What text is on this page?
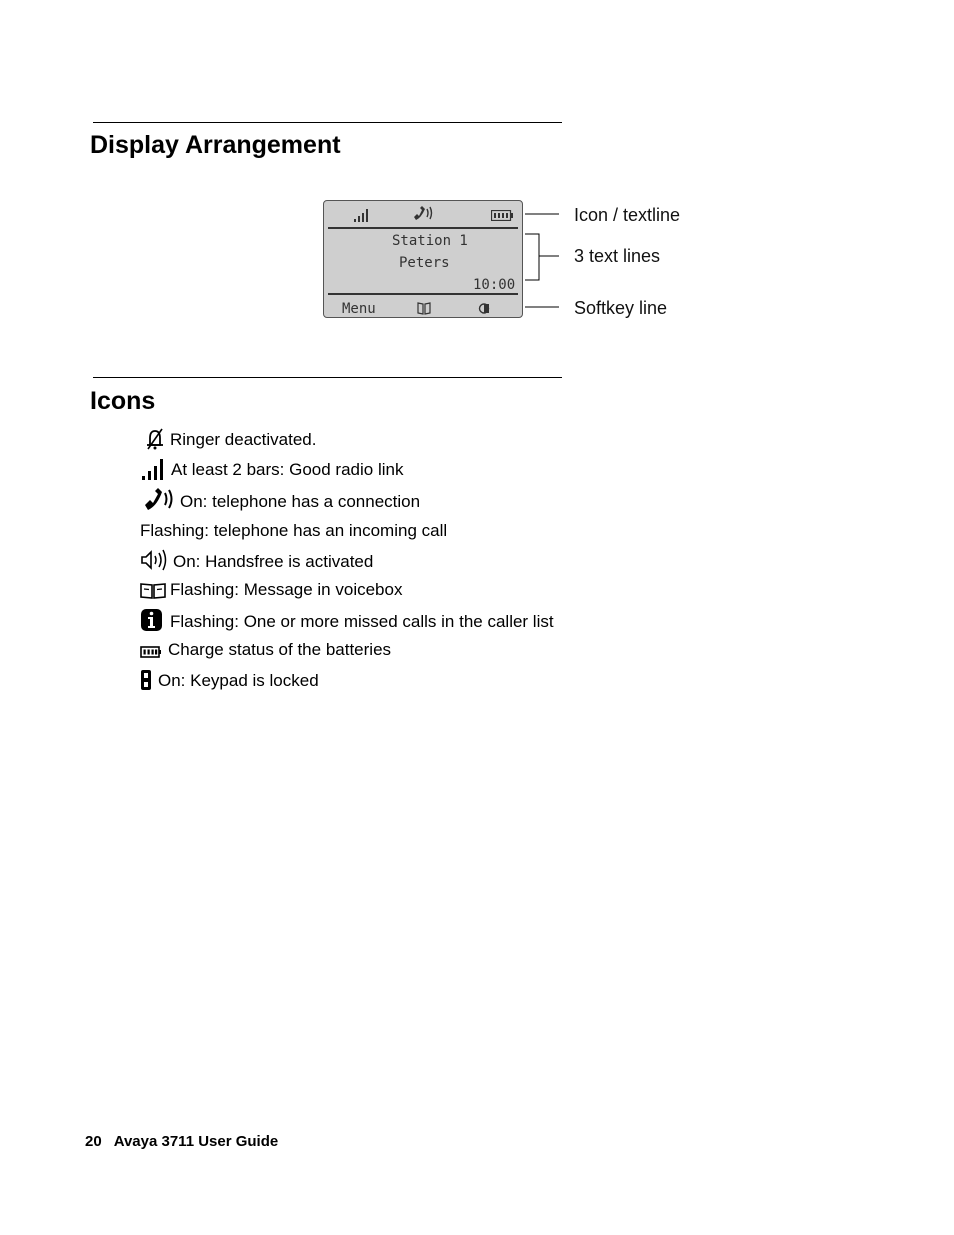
Display Arrangement
Station 1
Peters
10:00
Menu
Icon / textline
3 text lines
Softkey line
Icons
Ringer deactivated.
At least 2 bars: Good radio link
On: telephone has a connection
Flashing: telephone has an incoming call
On: Handsfree is activated
Flashing: Message in voicebox
Flashing: One or more missed calls in the caller list
Charge status of the batteries
On: Keypad is locked
20 Avaya 3711 User Guide
